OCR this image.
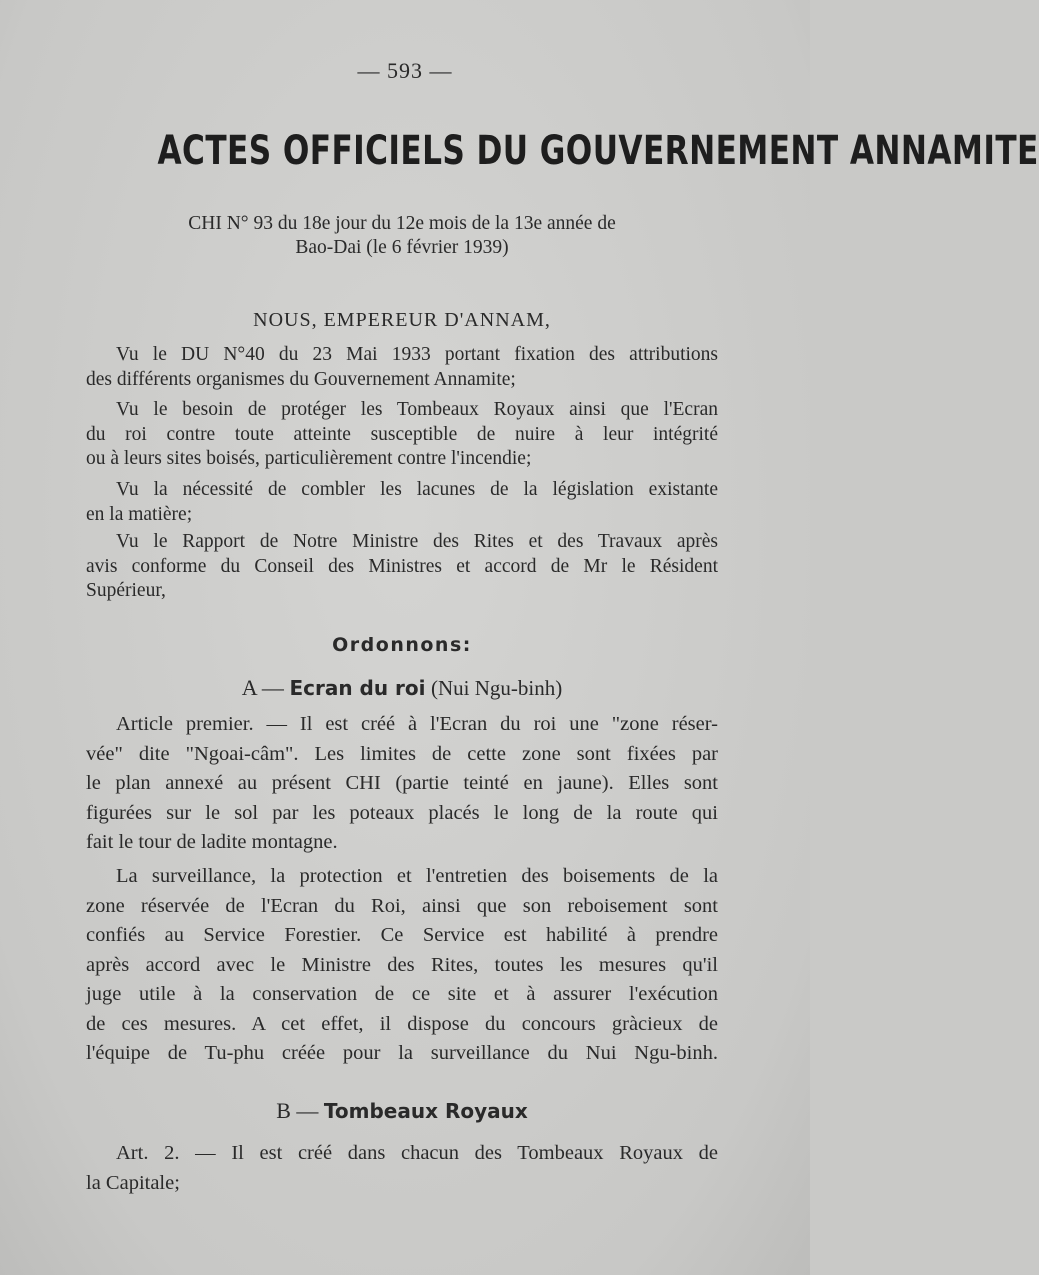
— 593 —
ACTES OFFICIELS DU GOUVERNEMENT ANNAMITE
CHI N° 93 du 18e jour du 12e mois de la 13e année de
Bao-Dai (le 6 février 1939)
NOUS, EMPEREUR D'ANNAM,
Vu le DU N°40 du 23 Mai 1933 portant fixation des attributions
des différents organismes du Gouvernement Annamite;
Vu le besoin de protéger les Tombeaux Royaux ainsi que l'Ecran
du roi contre toute atteinte susceptible de nuire à leur intégrité
ou à leurs sites boisés, particulièrement contre l'incendie;
Vu la nécessité de combler les lacunes de la législation existante
en la matière;
Vu le Rapport de Notre Ministre des Rites et des Travaux après
avis conforme du Conseil des Ministres et accord de Mr le Résident
Supérieur,
Ordonnons:
A — Ecran du roi (Nui Ngu-binh)
Article premier. — Il est créé à l'Ecran du roi une "zone réser-
vée" dite "Ngoai-câm". Les limites de cette zone sont fixées par
le plan annexé au présent CHI (partie teinté en jaune). Elles sont
figurées sur le sol par les poteaux placés le long de la route qui
fait le tour de ladite montagne.
La surveillance, la protection et l'entretien des boisements de la
zone réservée de l'Ecran du Roi, ainsi que son reboisement sont
confiés au Service Forestier. Ce Service est habilité à prendre
après accord avec le Ministre des Rites, toutes les mesures qu'il
juge utile à la conservation de ce site et à assurer l'exécution
de ces mesures. A cet effet, il dispose du concours gràcieux de
l'équipe de Tu-phu créée pour la surveillance du Nui Ngu-binh.
B — Tombeaux Royaux
Art. 2. — Il est créé dans chacun des Tombeaux Royaux de
la Capitale;
